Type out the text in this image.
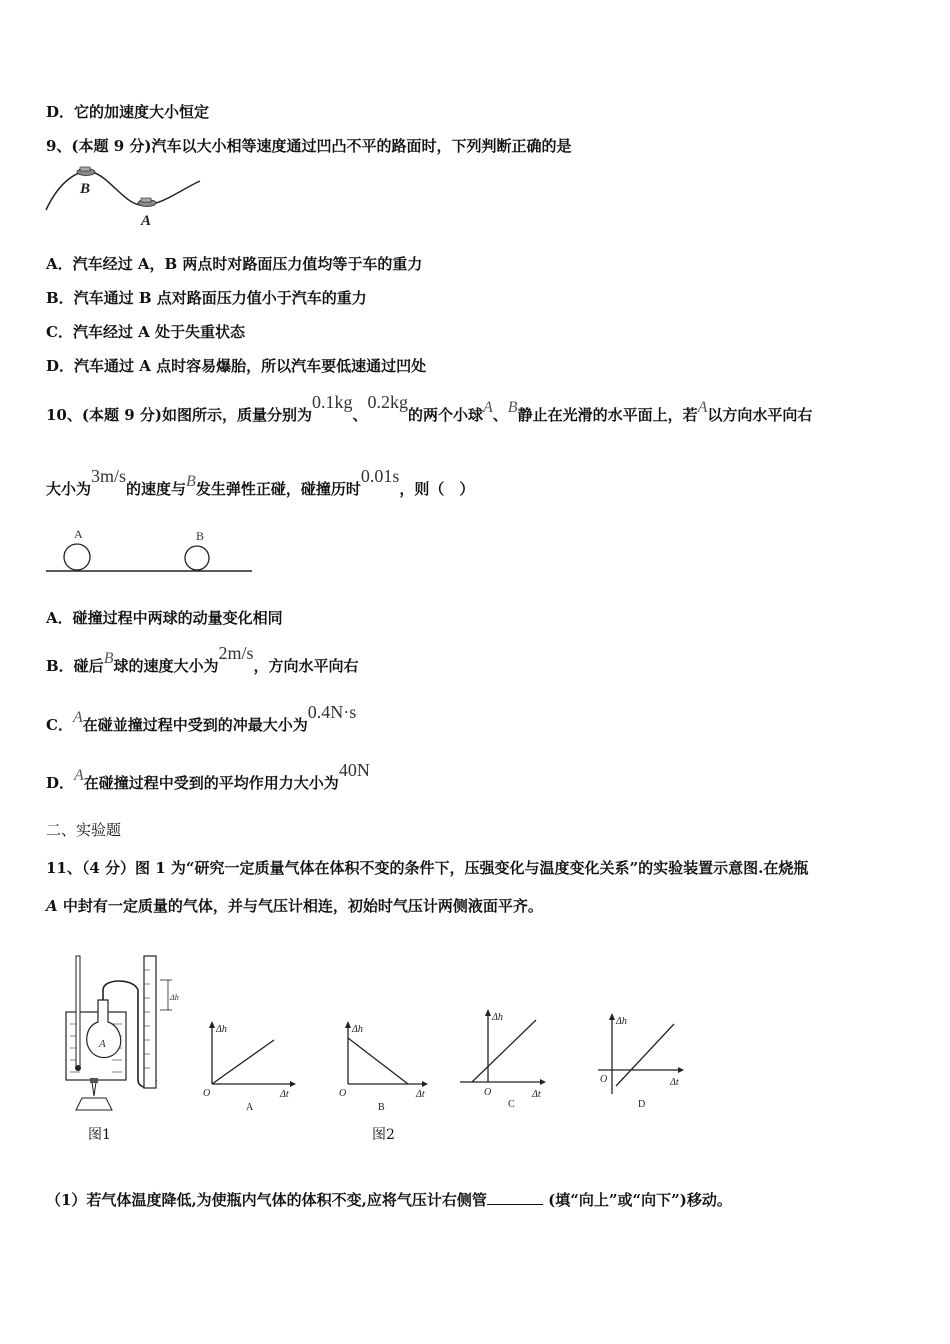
D．它的加速度大小恒定
9、(本题 9 分)汽车以大小相等速度通过凹凸不平的路面时，下列判断正确的是
B
A
A．汽车经过 A，B 两点时对路面压力值均等于车的重力
B．汽车通过 B 点对路面压力值小于汽车的重力
C．汽车经过 A 处于失重状态
D．汽车通过 A 点时容易爆胎，所以汽车要低速通过凹处
10、(本题 9 分)如图所示，质量分别为0.1kg、0.2kg的两个小球A、B静止在光滑的水平面上，若A以方向水平向右
大小为3m/s的速度与B发生弹性正碰，碰撞历时0.01s，则（　）
A	B
A．碰撞过程中两球的动量变化相同
B．碰后B球的速度大小为2m/s，方向水平向右
C．A在碰並撞过程中受到的冲最大小为0.4N·s
D．A在碰撞过程中受到的平均作用力大小为40N
二、实验题
11、（4 分）图 1 为“研究一定质量气体在体积不变的条件下，压强变化与温度变化关系”的实验装置示意图.在烧瓶
A 中封有一定质量的气体，并与气压计相连，初始时气压计两侧液面平齐。
A
Δh
图1
Δh
Δt
O
A
Δh
Δt
O
B
图2
Δh
Δt
O
C
Δh
Δt
O
D
（1）若气体温度降低,为使瓶内气体的体积不变,应将气压计右侧管	(填“向上”或“向下”)移动。
